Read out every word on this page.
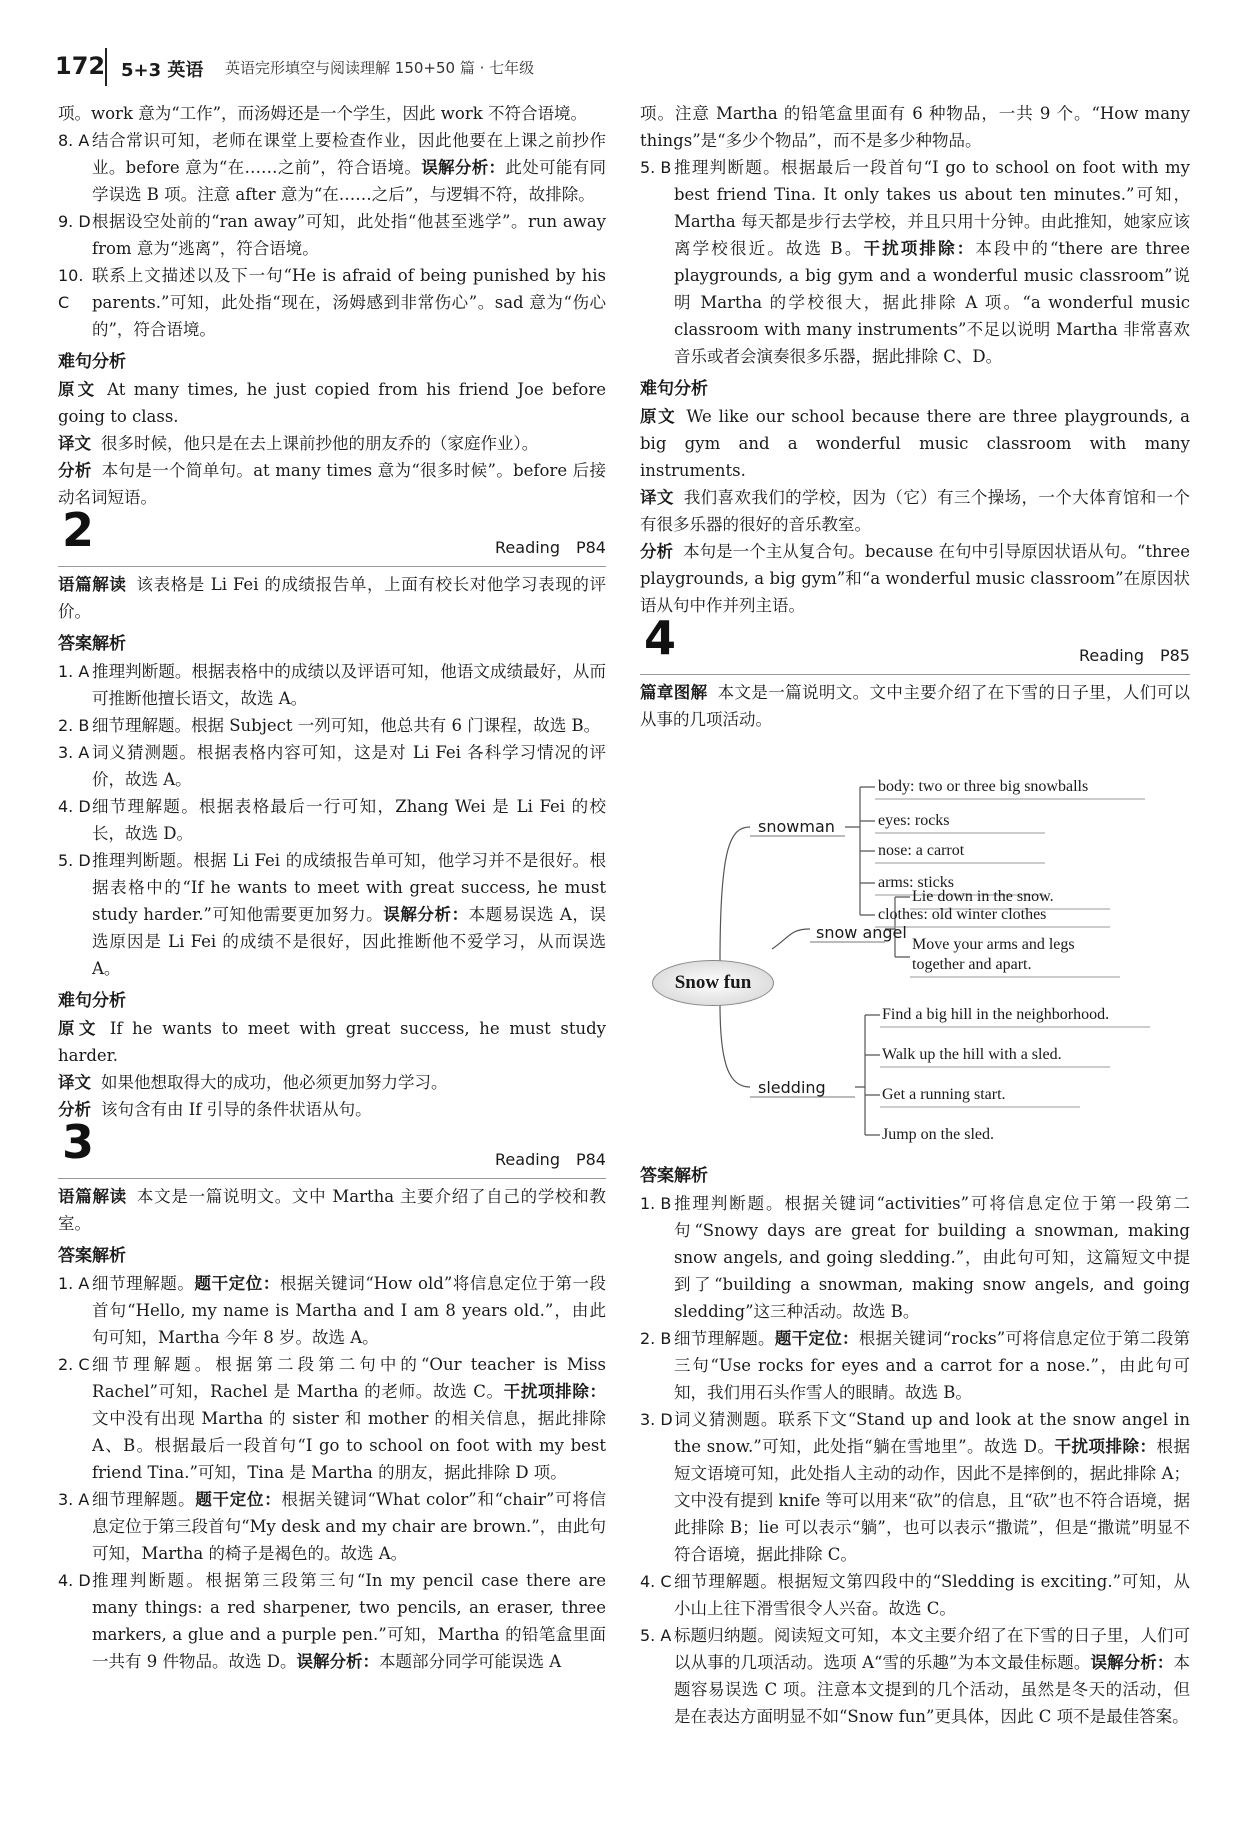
172 5+3 英语 英语完形填空与阅读理解 150+50 篇 · 七年级

项。work 意为“工作”，而汤姆还是一个学生，因此 work 不符合语境。

8. A 结合常识可知，老师在课堂上要检查作业，因此他要在上课之前抄作业。before 意为“在……之前”，符合语境。误解分析：此处可能有同学误选 B 项。注意 after 意为“在……之后”，与逻辑不符，故排除。
9. D 根据设空处前的“ran away”可知，此处指“他甚至逃学”。run away from 意为“逃离”，符合语境。
10. C
联系上文描述以及下一句“He is afraid of being punished by his parents.”可知，此处指“现在，汤姆感到非常伤心”。sad 意为“伤心的”，符合语境。
难句分析

原文 At many times, he just copied from his friend Joe before going to class.

译文 很多时候，他只是在去上课前抄他的朋友乔的（家庭作业）。

分析 本句是一个简单句。at many times 意为“很多时候”。before 后接动名词短语。

2	Reading　P84

语篇解读 该表格是 Li Fei 的成绩报告单，上面有校长对他学习表现的评价。

答案解析
1. A 推理判断题。根据表格中的成绩以及评语可知，他语文成绩最好，从而可推断他擅长语文，故选 A。
2. B 细节理解题。根据 Subject 一列可知，他总共有 6 门课程，故选 B。
3. A 词义猜测题。根据表格内容可知，这是对 Li Fei 各科学习情况的评价，故选 A。
4. D 细节理解题。根据表格最后一行可知，Zhang Wei 是 Li Fei 的校长，故选 D。
5. D 推理判断题。根据 Li Fei 的成绩报告单可知，他学习并不是很好。根据表格中的“If he wants to meet with great success, he must study harder.”可知他需要更加努力。误解分析：本题易误选 A，误选原因是 Li Fei 的成绩不是很好，因此推断他不爱学习，从而误选 A。
难句分析

原文 If he wants to meet with great success, he must study harder.

译文 如果他想取得大的成功，他必须更加努力学习。

分析 该句含有由 If 引导的条件状语从句。

3	Reading　P84

语篇解读 本文是一篇说明文。文中 Martha 主要介绍了自己的学校和教室。

答案解析
1. A 细节理解题。题干定位：根据关键词“How old”将信息定位于第一段首句“Hello, my name is Martha and I am 8 years old.”，由此句可知，Martha 今年 8 岁。故选 A。
2. C 细节理解题。根据第二段第二句中的“Our teacher is Miss Rachel”可知，Rachel 是 Martha 的老师。故选 C。干扰项排除：文中没有出现 Martha 的 sister 和 mother 的相关信息，据此排除 A、B。根据最后一段首句“I go to school on foot with my best friend Tina.”可知，Tina 是 Martha 的朋友，据此排除 D 项。
3. A 细节理解题。题干定位：根据关键词“What color”和“chair”可将信息定位于第三段首句“My desk and my chair are brown.”，由此句可知，Martha 的椅子是褐色的。故选 A。
4. D 推理判断题。根据第三段第三句“In my pencil case there are many things: a red sharpener, two pencils, an eraser, three markers, a glue and a purple pen.”可知，Martha 的铅笔盒里面一共有 9 件物品。故选 D。误解分析：本题部分同学可能误选 A

项。注意 Martha 的铅笔盒里面有 6 种物品，一共 9 个。“How many things”是“多少个物品”，而不是多少种物品。

5. B 推理判断题。根据最后一段首句“I go to school on foot with my best friend Tina. It only takes us about ten minutes.”可知，Martha 每天都是步行去学校，并且只用十分钟。由此推知，她家应该离学校很近。故选 B。干扰项排除：本段中的“there are three playgrounds, a big gym and a wonderful music classroom”说明 Martha 的学校很大，据此排除 A 项。“a wonderful music classroom with many instruments”不足以说明 Martha 非常喜欢音乐或者会演奏很多乐器，据此排除 C、D。
难句分析

原文 We like our school because there are three playgrounds, a big gym and a wonderful music classroom with many instruments.

译文 我们喜欢我们的学校，因为（它）有三个操场，一个大体育馆和一个有很多乐器的很好的音乐教室。

分析 本句是一个主从复合句。because 在句中引导原因状语从句。“three playgrounds, a big gym”和“a wonderful music classroom”在原因状语从句中作并列主语。

4	Reading　P85

篇章图解 本文是一篇说明文。文中主要介绍了在下雪的日子里，人们可以从事的几项活动。

Snow fun
snowman
snow angel
sledding
body: two or three big snowballs
eyes: rocks
nose: a carrot
arms: sticks
clothes: old winter clothes
Lie down in the snow.
Move your arms and legs together and apart.
Find a big hill in the neighborhood.
Walk up the hill with a sled.
Get a running start.
Jump on the sled.
答案解析
1. B 推理判断题。根据关键词“activities”可将信息定位于第一段第二句“Snowy days are great for building a snowman, making snow angels, and going sledding.”，由此句可知，这篇短文中提到了“building a snowman, making snow angels, and going sledding”这三种活动。故选 B。
2. B 细节理解题。题干定位：根据关键词“rocks”可将信息定位于第二段第三句“Use rocks for eyes and a carrot for a nose.”，由此句可知，我们用石头作雪人的眼睛。故选 B。
3. D 词义猜测题。联系下文“Stand up and look at the snow angel in the snow.”可知，此处指“躺在雪地里”。故选 D。干扰项排除：根据短文语境可知，此处指人主动的动作，因此不是摔倒的，据此排除 A；文中没有提到 knife 等可以用来“砍”的信息，且“砍”也不符合语境，据此排除 B；lie 可以表示“躺”，也可以表示“撒谎”，但是“撒谎”明显不符合语境，据此排除 C。
4. C 细节理解题。根据短文第四段中的“Sledding is exciting.”可知，从小山上往下滑雪很令人兴奋。故选 C。
5. A 标题归纳题。阅读短文可知，本文主要介绍了在下雪的日子里，人们可以从事的几项活动。选项 A“雪的乐趣”为本文最佳标题。误解分析：本题容易误选 C 项。注意本文提到的几个活动，虽然是冬天的活动，但是在表达方面明显不如“Snow fun”更具体，因此 C 项不是最佳答案。
